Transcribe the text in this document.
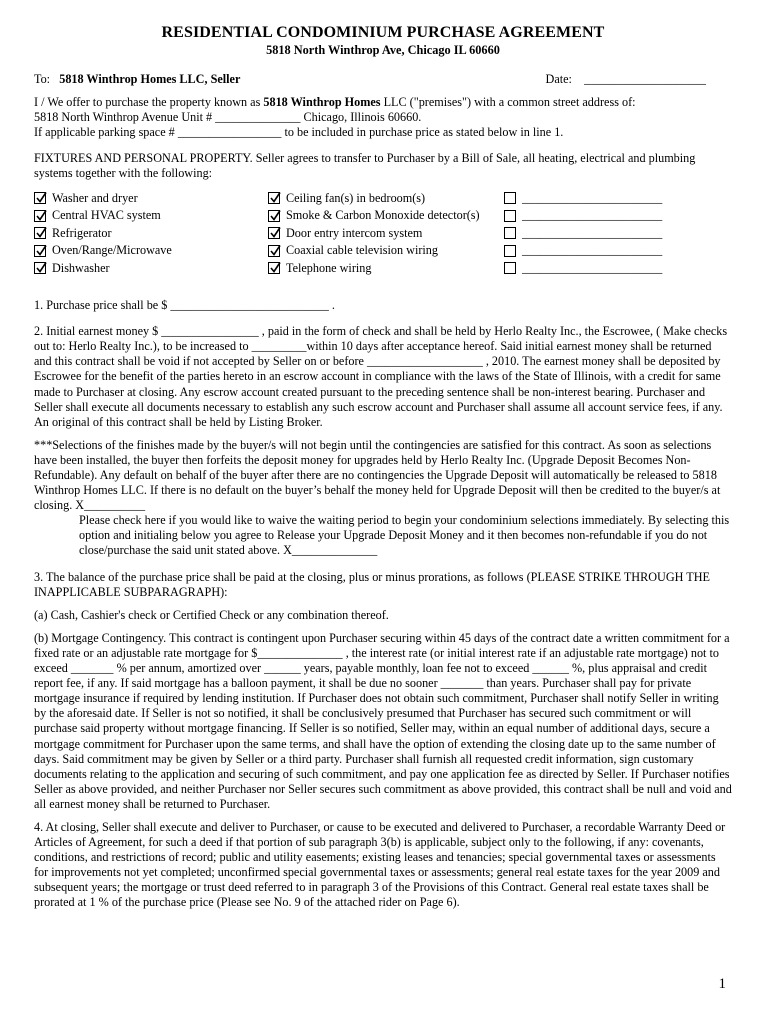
RESIDENTIAL CONDOMINIUM PURCHASE AGREEMENT
5818 North Winthrop Ave, Chicago IL 60660
To: 5818 Winthrop Homes LLC, Seller	Date: ____________________

I / We offer to purchase the property known as 5818 Winthrop Homes LLC ("premises") with a common street address of:

5818 North Winthrop Avenue Unit # ______________ Chicago, Illinois 60660.

If applicable parking space # _________________ to be included in purchase price as stated below in line 1.

FIXTURES AND PERSONAL PROPERTY. Seller agrees to transfer to Purchaser by a Bill of Sale, all heating, electrical and plumbing systems together with the following:

Washer and dryer	Ceiling fan(s) in bedroom(s)	_______________________
Central HVAC system	Smoke & Carbon Monoxide detector(s)	_______________________
Refrigerator	Door entry intercom system	_______________________
Oven/Range/Microwave	Coaxial cable television wiring	_______________________
Dishwasher	Telephone wiring	_______________________

1. Purchase price shall be $ __________________________ .

2. Initial earnest money $ ________________ , paid in the form of check and shall be held by Herlo Realty Inc., the Escrowee, ( Make checks out to: Herlo Realty Inc.), to be increased to _________within 10 days after acceptance hereof. Said initial earnest money shall be returned and this contract shall be void if not accepted by Seller on or before ___________________ , 2010. The earnest money shall be deposited by Escrowee for the benefit of the parties hereto in an escrow account in compliance with the laws of the State of Illinois, with a credit for same made to Purchaser at closing. Any escrow account created pursuant to the preceding sentence shall be non-interest bearing. Purchaser and Seller shall execute all documents necessary to establish any such escrow account and Purchaser shall assume all account service fees, if any. An original of this contract shall be held by Listing Broker.

***Selections of the finishes made by the buyer/s will not begin until the contingencies are satisfied for this contract. As soon as selections have been installed, the buyer then forfeits the deposit money for upgrades held by Herlo Realty Inc. (Upgrade Deposit Becomes Non-Refundable). Any default on behalf of the buyer after there are no contingencies the Upgrade Deposit will automatically be released to 5818 Winthrop Homes LLC. If there is no default on the buyer’s behalf the money held for Upgrade Deposit will then be credited to the buyer/s at closing. X__________

Please check here if you would like to waive the waiting period to begin your condominium selections immediately. By selecting this option and initialing below you agree to Release your Upgrade Deposit Money and it then becomes non-refundable if you do not close/purchase the said unit stated above. X______________

3. The balance of the purchase price shall be paid at the closing, plus or minus prorations, as follows (PLEASE STRIKE THROUGH THE INAPPLICABLE SUBPARAGRAPH):

(a) Cash, Cashier's check or Certified Check or any combination thereof.

(b) Mortgage Contingency. This contract is contingent upon Purchaser securing within 45 days of the contract date a written commitment for a fixed rate or an adjustable rate mortgage for $______________ , the interest rate (or initial interest rate if an adjustable rate mortgage) not to exceed _______ % per annum, amortized over ______ years, payable monthly, loan fee not to exceed ______ %, plus appraisal and credit report fee, if any. If said mortgage has a balloon payment, it shall be due no sooner _______ than years. Purchaser shall pay for private mortgage insurance if required by lending institution. If Purchaser does not obtain such commitment, Purchaser shall notify Seller in writing by the aforesaid date. If Seller is not so notified, it shall be conclusively presumed that Purchaser has secured such commitment or will purchase said property without mortgage financing. If Seller is so notified, Seller may, within an equal number of additional days, secure a mortgage commitment for Purchaser upon the same terms, and shall have the option of extending the closing date up to the same number of days. Said commitment may be given by Seller or a third party. Purchaser shall furnish all requested credit information, sign customary documents relating to the application and securing of such commitment, and pay one application fee as directed by Seller. If Purchaser notifies Seller as above provided, and neither Purchaser nor Seller secures such commitment as above provided, this contract shall be null and void and all earnest money shall be returned to Purchaser.

4. At closing, Seller shall execute and deliver to Purchaser, or cause to be executed and delivered to Purchaser, a recordable Warranty Deed or Articles of Agreement, for such a deed if that portion of sub paragraph 3(b) is applicable, subject only to the following, if any: covenants, conditions, and restrictions of record; public and utility easements; existing leases and tenancies; special governmental taxes or assessments for improvements not yet completed; unconfirmed special governmental taxes or assessments; general real estate taxes for the year 2009 and subsequent years; the mortgage or trust deed referred to in paragraph 3 of the Provisions of this Contract. General real estate taxes shall be prorated at 1 % of the purchase price (Please see No. 9 of the attached rider on Page 6).

1
